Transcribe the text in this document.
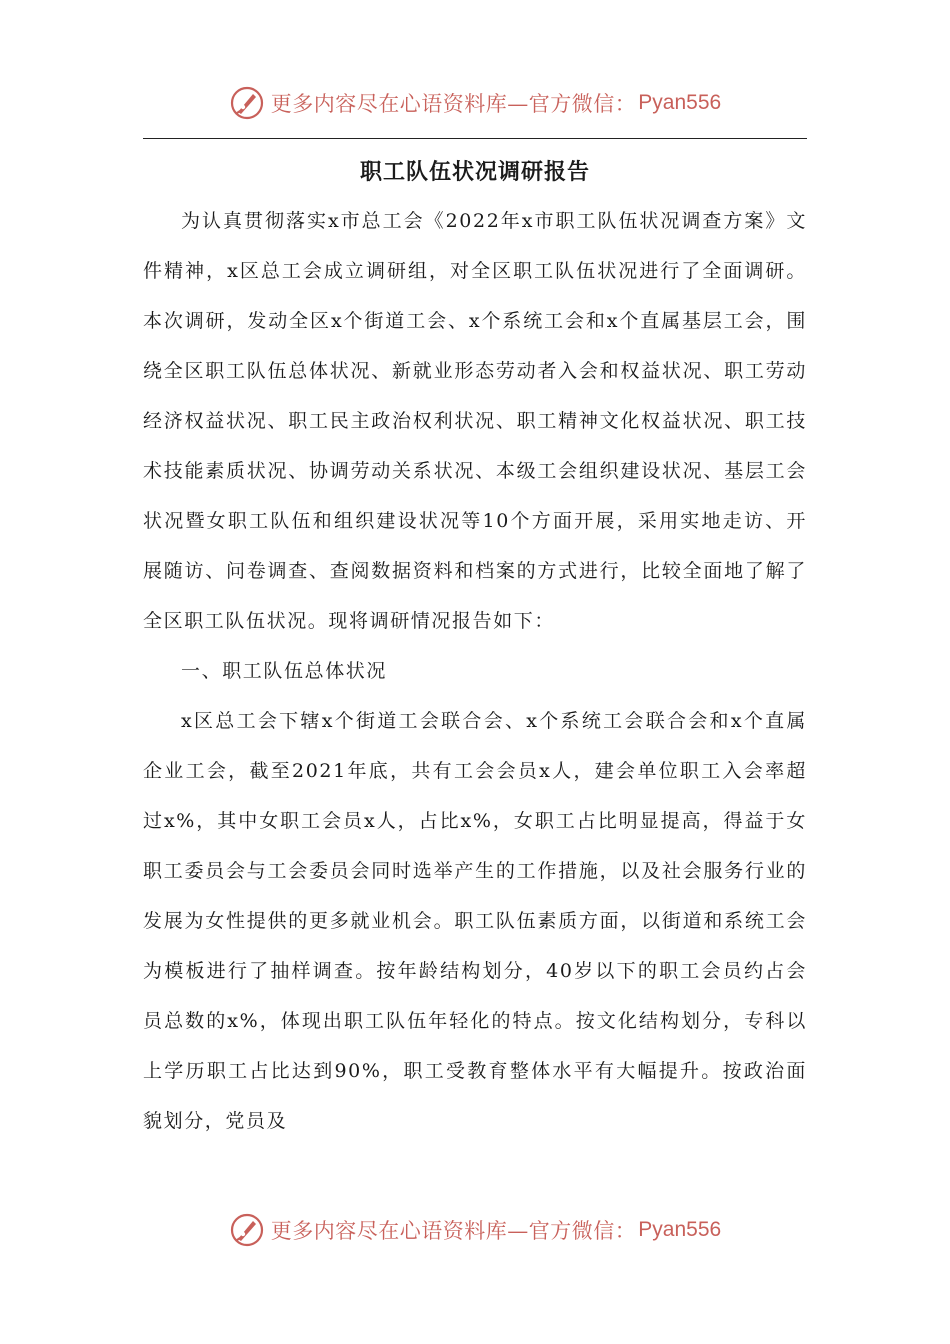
更多内容尽在心语资料库—官方微信： Pyan556
职工队伍状况调研报告

为认真贯彻落实x市总工会《2022年x市职工队伍状况调查方案》文件精神，x区总工会成立调研组，对全区职工队伍状况进行了全面调研。本次调研，发动全区x个街道工会、x个系统工会和x个直属基层工会，围绕全区职工队伍总体状况、新就业形态劳动者入会和权益状况、职工劳动经济权益状况、职工民主政治权利状况、职工精神文化权益状况、职工技术技能素质状况、协调劳动关系状况、本级工会组织建设状况、基层工会状况暨女职工队伍和组织建设状况等10个方面开展，采用实地走访、开展随访、问卷调查、查阅数据资料和档案的方式进行，比较全面地了解了全区职工队伍状况。现将调研情况报告如下：

一、职工队伍总体状况

x区总工会下辖x个街道工会联合会、x个系统工会联合会和x个直属企业工会，截至2021年底，共有工会会员x人，建会单位职工入会率超过x%，其中女职工会员x人，占比x%，女职工占比明显提高，得益于女职工委员会与工会委员会同时选举产生的工作措施，以及社会服务行业的发展为女性提供的更多就业机会。职工队伍素质方面，以街道和系统工会为模板进行了抽样调查。按年龄结构划分，40岁以下的职工会员约占会员总数的x%，体现出职工队伍年轻化的特点。按文化结构划分，专科以上学历职工占比达到90%，职工受教育整体水平有大幅提升。按政治面貌划分，党员及

更多内容尽在心语资料库—官方微信： Pyan556
